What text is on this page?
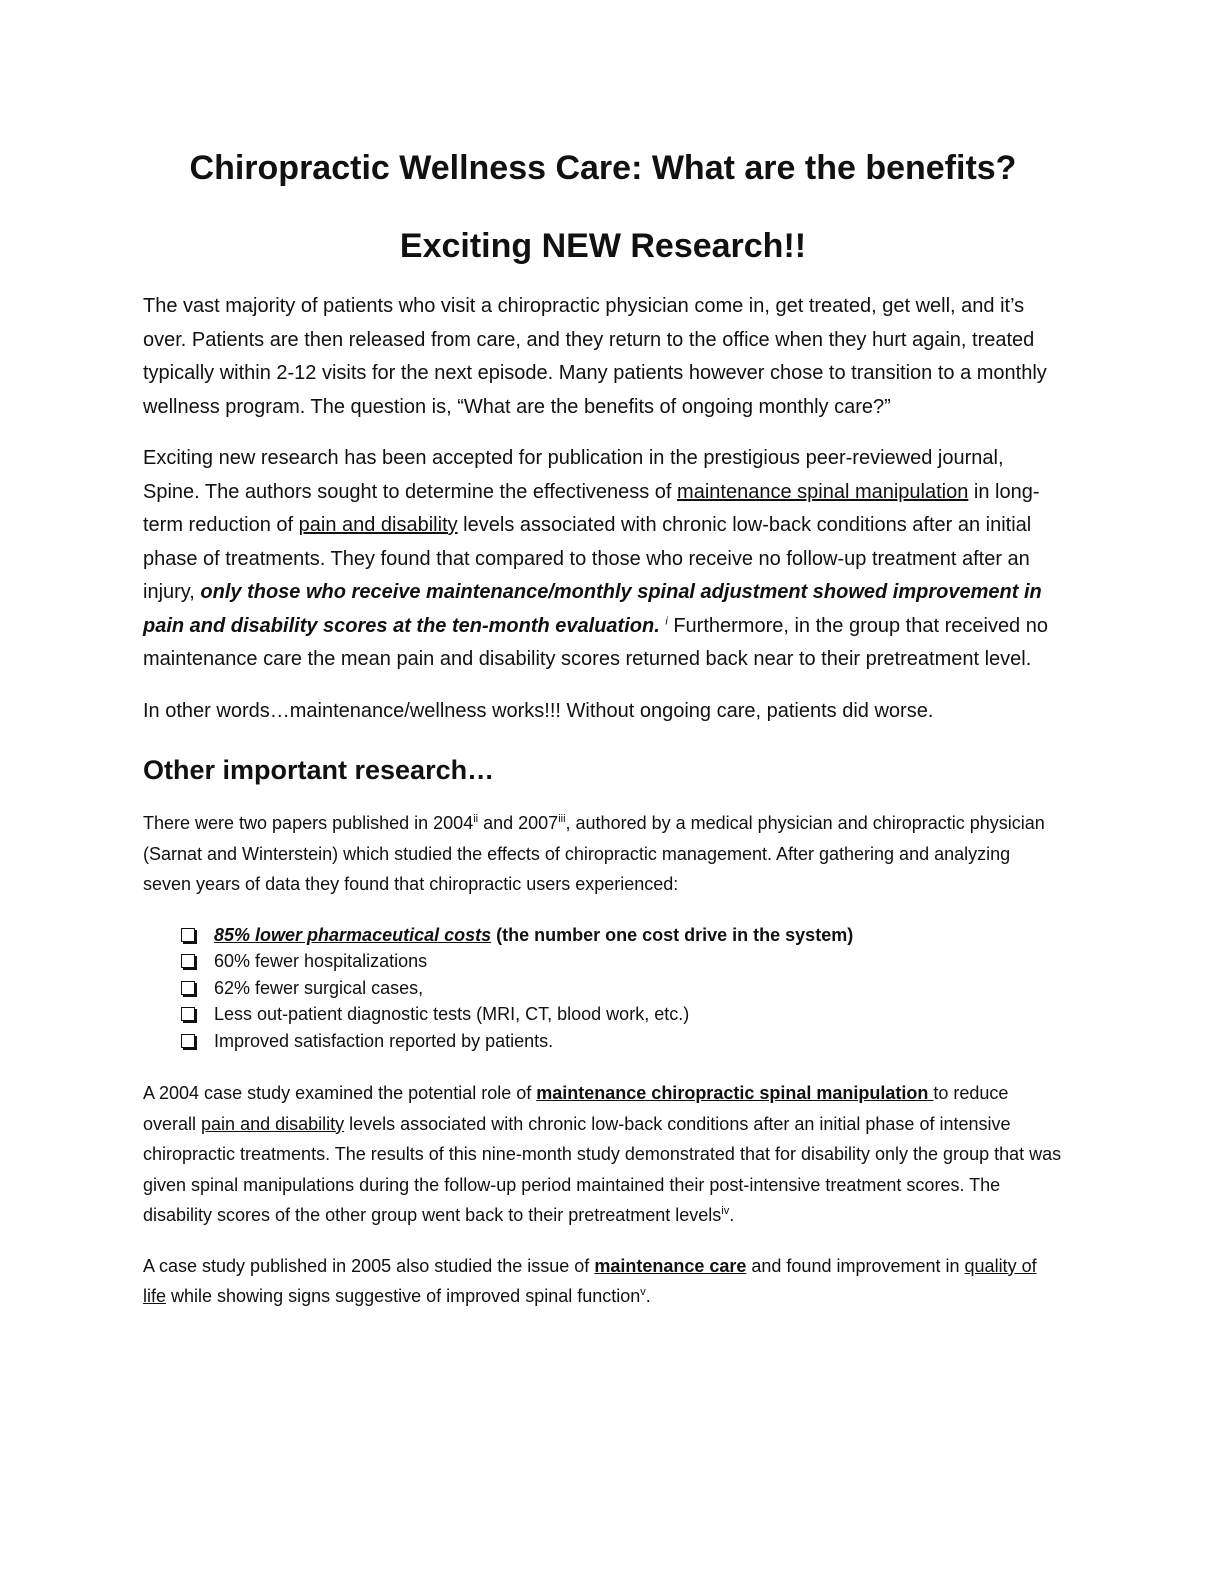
Chiropractic Wellness Care: What are the benefits?
Exciting NEW Research!!

The vast majority of patients who visit a chiropractic physician come in, get treated, get well, and it’s over. Patients are then released from care, and they return to the office when they hurt again, treated typically within 2-12 visits for the next episode. Many patients however chose to transition to a monthly wellness program. The question is, “What are the benefits of ongoing monthly care?”

Exciting new research has been accepted for publication in the prestigious peer-reviewed journal, Spine. The authors sought to determine the effectiveness of maintenance spinal manipulation in long-term reduction of pain and disability levels associated with chronic low-back conditions after an initial phase of treatments. They found that compared to those who receive no follow-up treatment after an injury, only those who receive maintenance/monthly spinal adjustment showed improvement in pain and disability scores at the ten-month evaluation. $^i$ Furthermore, in the group that received no maintenance care the mean pain and disability scores returned back near to their pretreatment level.

In other words…maintenance/wellness works!!! Without ongoing care, patients did worse.

Other important research…

There were two papers published in 2004$^{ii}$ and 2007$^{iii}$, authored by a medical physician and chiropractic physician (Sarnat and Winterstein) which studied the effects of chiropractic management. After gathering and analyzing seven years of data they found that chiropractic users experienced:

85% lower pharmaceutical costs (the number one cost drive in the system)
60% fewer hospitalizations
62% fewer surgical cases,
Less out-patient diagnostic tests (MRI, CT, blood work, etc.)
Improved satisfaction reported by patients.

A 2004 case study examined the potential role of maintenance chiropractic spinal manipulation to reduce overall pain and disability levels associated with chronic low-back conditions after an initial phase of intensive chiropractic treatments. The results of this nine-month study demonstrated that for disability only the group that was given spinal manipulations during the follow-up period maintained their post-intensive treatment scores. The disability scores of the other group went back to their pretreatment levels$^{iv}$.

A case study published in 2005 also studied the issue of maintenance care and found improvement in quality of life while showing signs suggestive of improved spinal function$^v$.
